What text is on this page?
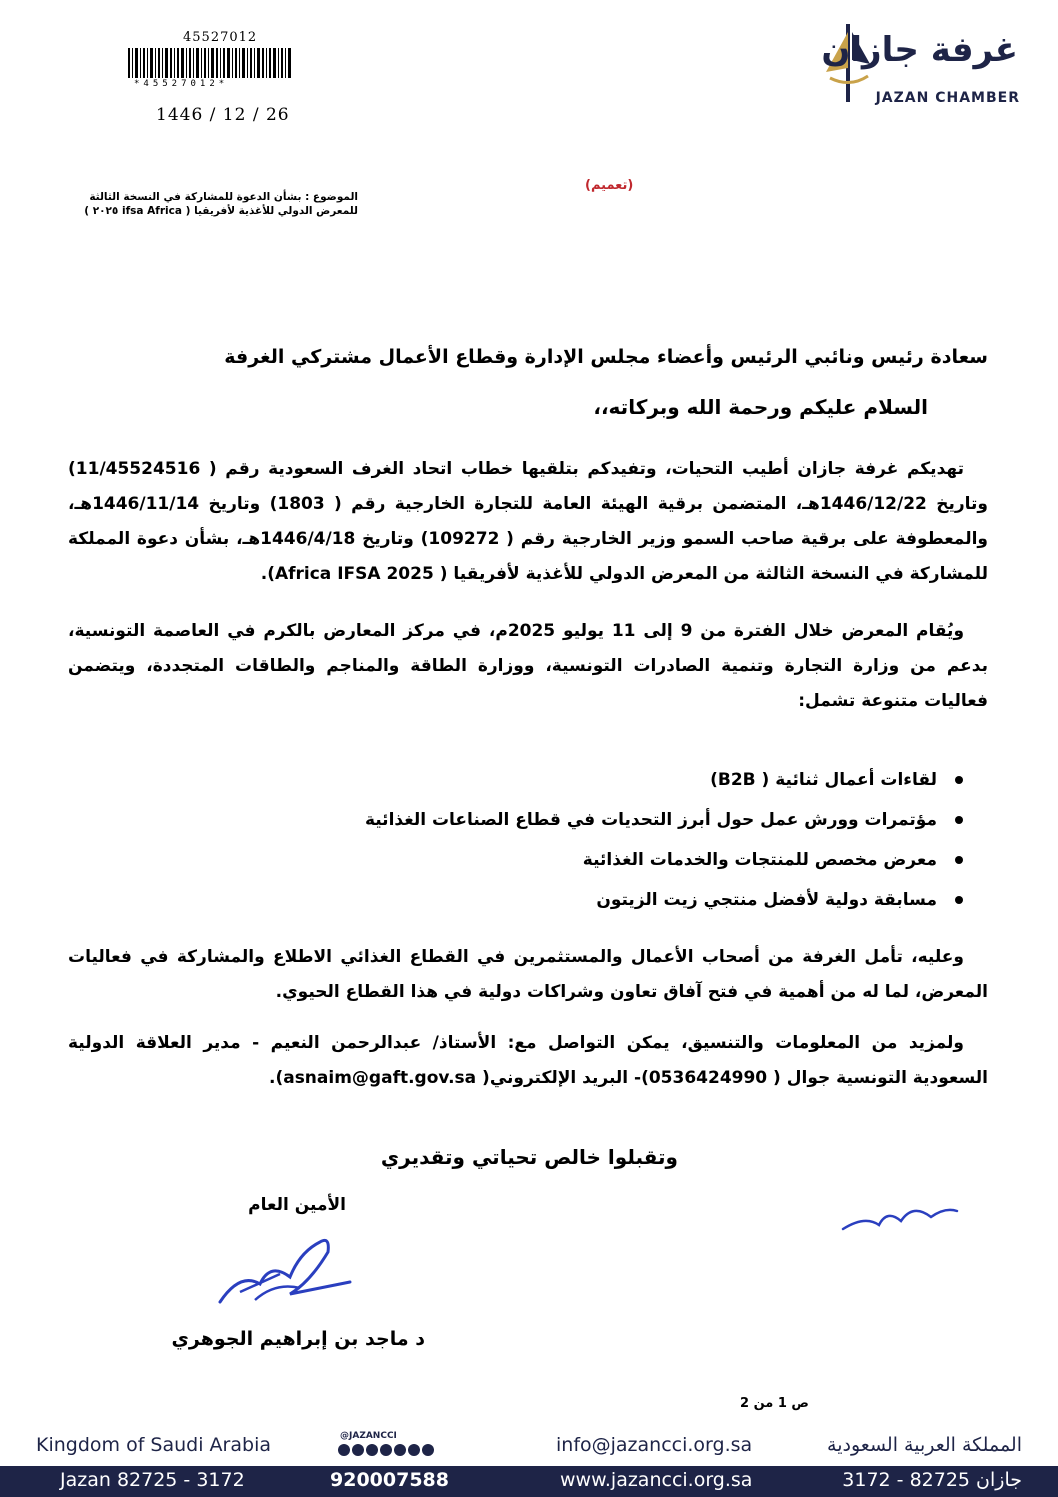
45527012
*45527012*
1446 / 12 / 26
غرفة جازان
JAZAN CHAMBER
(تعميم)
الموضوع : بشأن الدعوة للمشاركة في النسخة الثالثة
للمعرض الدولي للأغذية لأفريقيا ( ifsa Africa ٢٠٢٥ )
سعادة رئيس ونائبي الرئيس وأعضاء مجلس الإدارة وقطاع الأعمال مشتركي الغرفة
السلام عليكم ورحمة الله وبركاته،،
تهديكم غرفة جازان أطيب التحيات، وتفيدكم بتلقيها خطاب اتحاد الغرف السعودية رقم ( 11/45524516) وتاريخ 1446/12/22هـ، المتضمن برقية الهيئة العامة للتجارة الخارجية رقم ( 1803) وتاريخ 1446/11/14هـ، والمعطوفة على برقية صاحب السمو وزير الخارجية رقم ( 109272) وتاريخ 1446/4/18هـ، بشأن دعوة المملكة للمشاركة في النسخة الثالثة من المعرض الدولي للأغذية لأفريقيا ( Africa IFSA 2025).
ويُقام المعرض خلال الفترة من 9 إلى 11 يوليو 2025م، في مركز المعارض بالكرم في العاصمة التونسية، بدعم من وزارة التجارة وتنمية الصادرات التونسية، ووزارة الطاقة والمناجم والطاقات المتجددة، ويتضمن فعاليات متنوعة تشمل:
لقاءات أعمال ثنائية ( B2B)
مؤتمرات وورش عمل حول أبرز التحديات في قطاع الصناعات الغذائية
معرض مخصص للمنتجات والخدمات الغذائية
مسابقة دولية لأفضل منتجي زيت الزيتون
وعليه، تأمل الغرفة من أصحاب الأعمال والمستثمرين في القطاع الغذائي الاطلاع والمشاركة في فعاليات المعرض، لما له من أهمية في فتح آفاق تعاون وشراكات دولية في هذا القطاع الحيوي.
ولمزيد من المعلومات والتنسيق، يمكن التواصل مع: الأستاذ/ عبدالرحمن النعيم - مدير العلاقة الدولية السعودية التونسية جوال ( 0536424990)- البريد الإلكتروني( asnaim@gaft.gov.sa).
وتقبلوا خالص تحياتي وتقديري
الأمين العام
د ماجد بن إبراهيم الجوهري
ص 1 من 2
Kingdom of Saudi Arabia	@JAZANCCI	info@jazancci.org.sa	المملكة العربية السعودية
Jazan 82725 - 3172	920007588	www.jazancci.org.sa	جازان 82725 - 3172
